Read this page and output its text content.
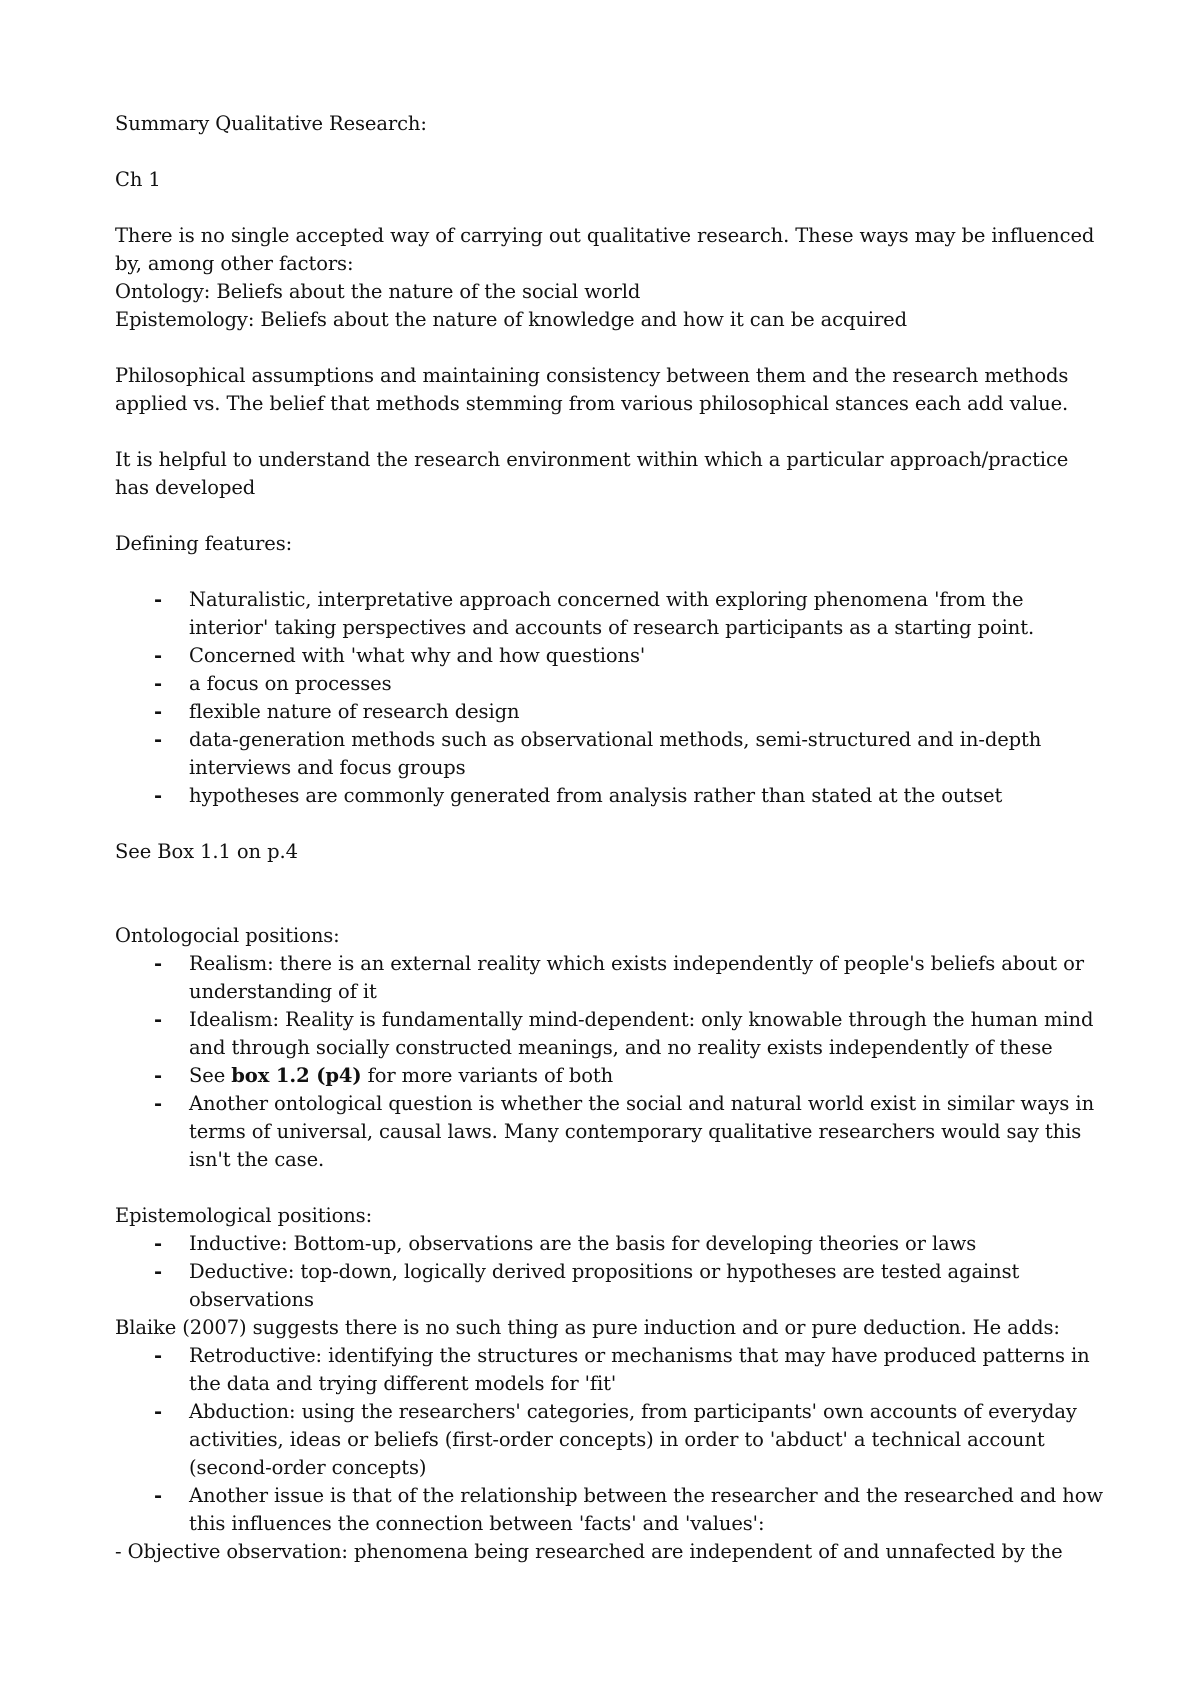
Summary Qualitative Research:

Ch 1

There is no single accepted way of carrying out qualitative research. These ways may be influenced by, among other factors:

Ontology: Beliefs about the nature of the social world

Epistemology: Beliefs about the nature of knowledge and how it can be acquired

Philosophical assumptions and maintaining consistency between them and the research methods applied vs. The belief that methods stemming from various philosophical stances each add value.

It is helpful to understand the research environment within which a particular approach/practice has developed

Defining features:

- Naturalistic, interpretative approach concerned with exploring phenomena 'from the interior' taking perspectives and accounts of research participants as a starting point.
- Concerned with 'what why and how questions'
- a focus on processes
- flexible nature of research design
- data-generation methods such as observational methods, semi-structured and in-depth interviews and focus groups
- hypotheses are commonly generated from analysis rather than stated at the outset

See Box 1.1 on p.4

Ontologocial positions:

- Realism: there is an external reality which exists independently of people's beliefs about or understanding of it
- Idealism: Reality is fundamentally mind-dependent: only knowable through the human mind and through socially constructed meanings, and no reality exists independently of these
- See box 1.2 (p4) for more variants of both
- Another ontological question is whether the social and natural world exist in similar ways in terms of universal, causal laws. Many contemporary qualitative researchers would say this isn't the case.

Epistemological positions:

- Inductive: Bottom-up, observations are the basis for developing theories or laws
- Deductive: top-down, logically derived propositions or hypotheses are tested against observations

Blaike (2007) suggests there is no such thing as pure induction and or pure deduction. He adds:

- Retroductive: identifying the structures or mechanisms that may have produced patterns in the data and trying different models for 'fit'
- Abduction: using the researchers' categories, from participants' own accounts of everyday activities, ideas or beliefs (first-order concepts) in order to 'abduct' a technical account (second-order concepts)
- Another issue is that of the relationship between the researcher and the researched and how this influences the connection between 'facts' and 'values':

- Objective observation: phenomena being researched are independent of and unnafected by the
